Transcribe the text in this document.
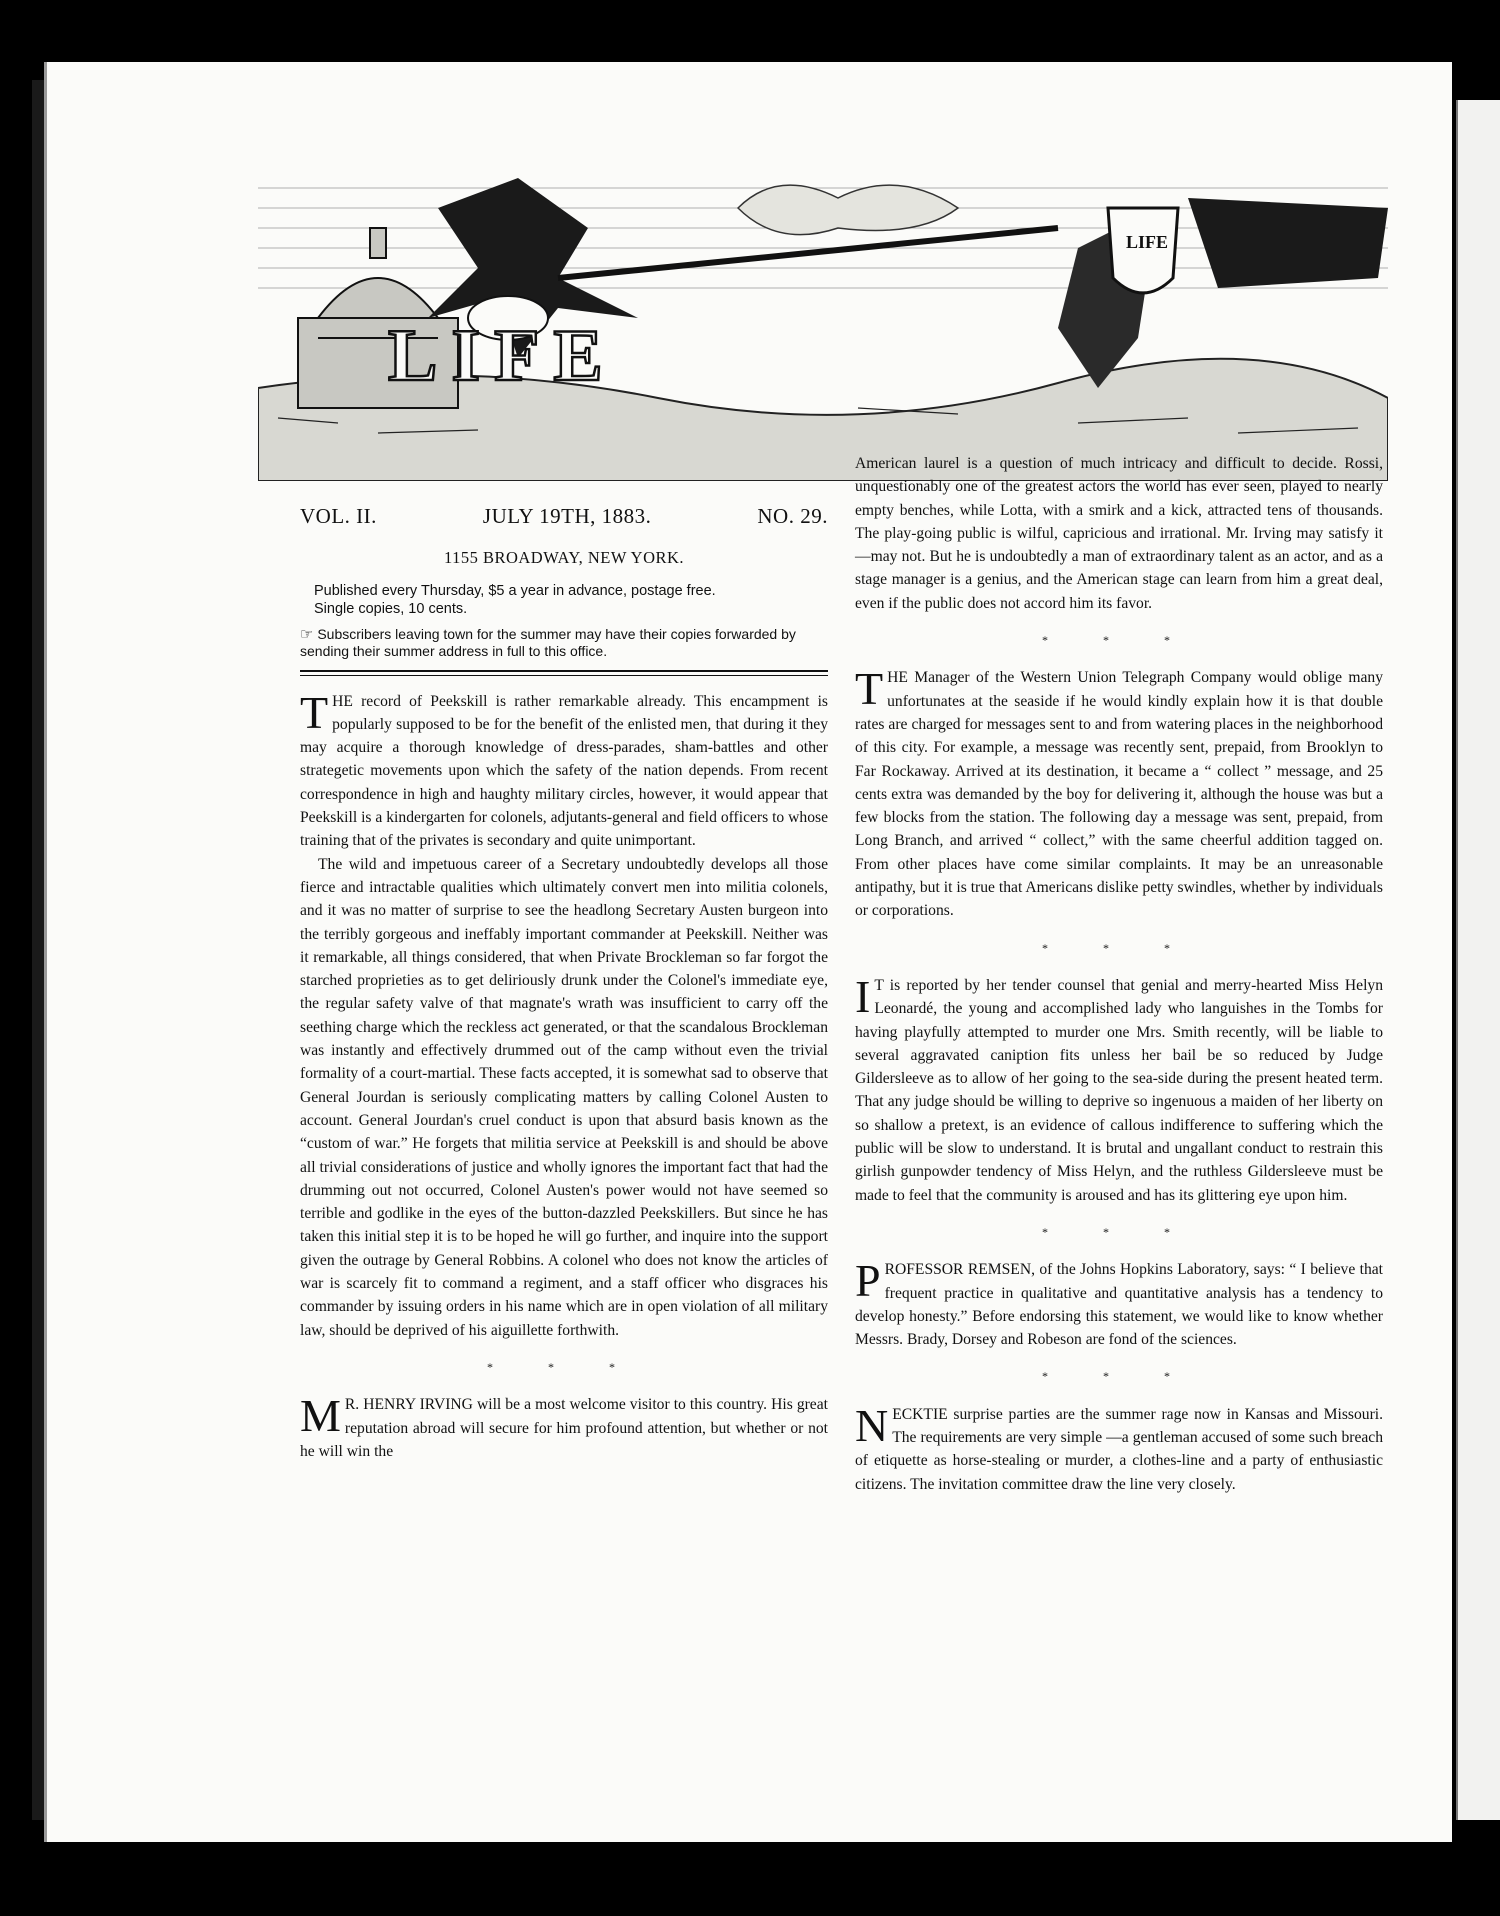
LIFE
LIFE
VOL. II.	JULY 19TH, 1883.	NO. 29.
1155 BROADWAY, NEW YORK.
Published every Thursday, $5 a year in advance, postage free.
Single copies, 10 cents.
☞ Subscribers leaving town for the summer may have their copies forwarded by sending their summer address in full to this office.
T HE record of Peekskill is rather remarkable already. This encampment is popularly supposed to be for the benefit of the enlisted men, that during it they may acquire a thorough knowledge of dress-parades, sham-battles and other strategetic movements upon which the safety of the nation depends. From recent correspondence in high and haughty military circles, however, it would appear that Peekskill is a kindergarten for colonels, adjutants-general and field officers to whose training that of the privates is secondary and quite unimportant.

The wild and impetuous career of a Secretary undoubtedly develops all those fierce and intractable qualities which ultimately convert men into militia colonels, and it was no matter of surprise to see the headlong Secretary Austen burgeon into the terribly gorgeous and ineffably important commander at Peekskill. Neither was it remarkable, all things considered, that when Private Brockleman so far forgot the starched proprieties as to get deliriously drunk under the Colonel's immediate eye, the regular safety valve of that magnate's wrath was insufficient to carry off the seething charge which the reckless act generated, or that the scandalous Brockleman was instantly and effectively drummed out of the camp without even the trivial formality of a court-martial. These facts accepted, it is somewhat sad to observe that General Jourdan is seriously complicating matters by calling Colonel Austen to account. General Jourdan's cruel conduct is upon that absurd basis known as the “custom of war.” He forgets that militia service at Peekskill is and should be above all trivial considerations of justice and wholly ignores the important fact that had the drumming out not occurred, Colonel Austen's power would not have seemed so terrible and godlike in the eyes of the button-dazzled Peekskillers. But since he has taken this initial step it is to be hoped he will go further, and inquire into the support given the outrage by General Robbins. A colonel who does not know the articles of war is scarcely fit to command a regiment, and a staff officer who disgraces his commander by issuing orders in his name which are in open violation of all military law, should be deprived of his aiguillette forthwith.

* * *
M R. HENRY IRVING will be a most welcome visitor to this country. His great reputation abroad will secure for him profound attention, but whether or not he will win the

American laurel is a question of much intricacy and difficult to decide. Rossi, unquestionably one of the greatest actors the world has ever seen, played to nearly empty benches, while Lotta, with a smirk and a kick, attracted tens of thousands. The play-going public is wilful, capricious and irrational. Mr. Irving may satisfy it—may not. But he is undoubtedly a man of extraordinary talent as an actor, and as a stage manager is a genius, and the American stage can learn from him a great deal, even if the public does not accord him its favor.

* * *
T HE Manager of the Western Union Telegraph Company would oblige many unfortunates at the seaside if he would kindly explain how it is that double rates are charged for messages sent to and from watering places in the neighborhood of this city. For example, a message was recently sent, prepaid, from Brooklyn to Far Rockaway. Arrived at its destination, it became a “ collect ” message, and 25 cents extra was demanded by the boy for delivering it, although the house was but a few blocks from the station. The following day a message was sent, prepaid, from Long Branch, and arrived “ collect,” with the same cheerful addition tagged on. From other places have come similar complaints. It may be an unreasonable antipathy, but it is true that Americans dislike petty swindles, whether by individuals or corporations.

* * *
I T is reported by her tender counsel that genial and merry-hearted Miss Helyn Leonardé, the young and accomplished lady who languishes in the Tombs for having playfully attempted to murder one Mrs. Smith recently, will be liable to several aggravated caniption fits unless her bail be so reduced by Judge Gildersleeve as to allow of her going to the sea-side during the present heated term. That any judge should be willing to deprive so ingenuous a maiden of her liberty on so shallow a pretext, is an evidence of callous indifference to suffering which the public will be slow to understand. It is brutal and ungallant conduct to restrain this girlish gunpowder tendency of Miss Helyn, and the ruthless Gildersleeve must be made to feel that the community is aroused and has its glittering eye upon him.

* * *
P ROFESSOR REMSEN, of the Johns Hopkins Laboratory, says: “ I believe that frequent practice in qualitative and quantitative analysis has a tendency to develop honesty.” Before endorsing this statement, we would like to know whether Messrs. Brady, Dorsey and Robeson are fond of the sciences.

* * *
N ECKTIE surprise parties are the summer rage now in Kansas and Missouri. The requirements are very simple —a gentleman accused of some such breach of etiquette as horse-stealing or murder, a clothes-line and a party of enthusiastic citizens. The invitation committee draw the line very closely.
